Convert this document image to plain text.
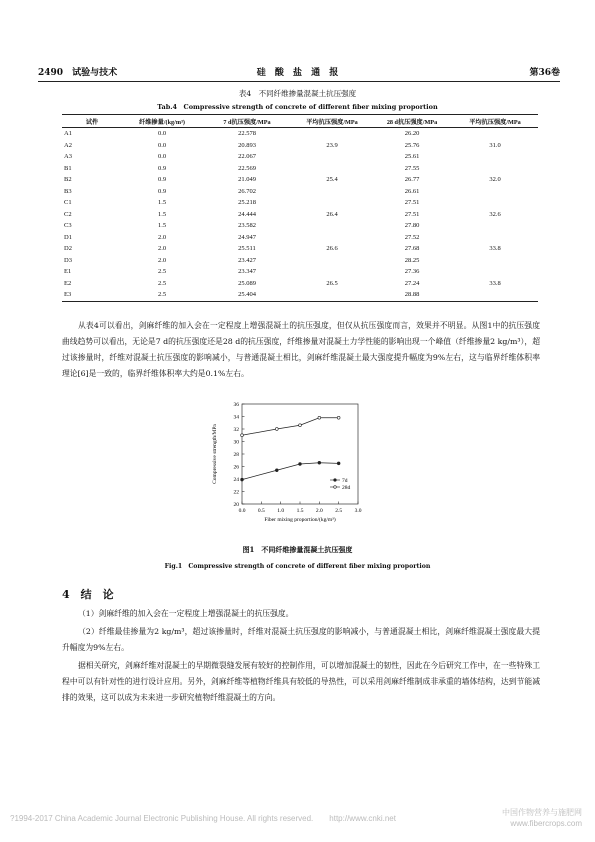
2490　 试验与技术	硅 酸 盐 通 报	第36卷
表4　不同纤维掺量混凝土抗压强度
Tab.4　Compressive strength of concrete of different fiber mixing proportion
试件	纤维掺量/(kg/m³)	7 d抗压强度/MPa	平均抗压强度/MPa	28 d抗压强度/MPa	平均抗压强度/MPa
A1	0.0	22.578		26.20	
A2	0.0	20.893	23.9	25.76	31.0
A3	0.0	22.067		25.61	
B1	0.9	22.569		27.55	
B2	0.9	21.049	25.4	26.77	32.0
B3	0.9	26.702		26.61	
C1	1.5	25.218		27.51	
C2	1.5	24.444	26.4	27.51	32.6
C3	1.5	23.582		27.80	
D1	2.0	24.947		27.52	
D2	2.0	25.511	26.6	27.68	33.8
D3	2.0	23.427		28.25	
E1	2.5	23.347		27.36	
E2	2.5	25.089	26.5	27.24	33.8
E3	2.5	25.404		28.88	
从表4可以看出，剑麻纤维的加入会在一定程度上增强混凝土的抗压强度，但仅从抗压强度而言，效果并不明显。从图1中的抗压强度曲线趋势可以看出，无论是7 d的抗压强度还是28 d的抗压强度，纤维掺量对混凝土力学性能的影响出现一个峰值（纤维掺量2 kg/m³），超过该掺量时，纤维对混凝土抗压强度的影响减小，与普通混凝土相比，剑麻纤维混凝土最大强度提升幅度为9%左右，这与临界纤维体积率理论[6]是一致的，临界纤维体积率大约是0.1%左右。
20
22
24
26
28
30
32
34
36
0.0 0.5 1.0 1.5 2.0 2.5 3.0
Fiber mixing proportion/(kg/m³)
Compressive strength/MPa	7d
28d
图1　不同纤维掺量混凝土抗压强度
Fig.1　Compressive strength of concrete of different fiber mixing proportion
4　 结　论
（1）剑麻纤维的加入会在一定程度上增强混凝土的抗压强度。
（2）纤维最佳掺量为2 kg/m³，超过该掺量时，纤维对混凝土抗压强度的影响减小，与普通混凝土相比，剑麻纤维混凝土强度最大提升幅度为9%左右。
据相关研究，剑麻纤维对混凝土的早期微裂缝发展有较好的控制作用，可以增加混凝土的韧性，因此在今后研究工作中，在一些特殊工程中可以有针对性的进行设计应用。另外，剑麻纤维等植物纤维具有较低的导热性，可以采用剑麻纤维制成非承重的墙体结构，达到节能减排的效果，这可以成为未来进一步研究植物纤维混凝土的方向。
?1994-2017 China Academic Journal Electronic Publishing House. All rights reserved.　　http://www.cnki.net
中国作物营养与施肥网
www.fibercrops.com
